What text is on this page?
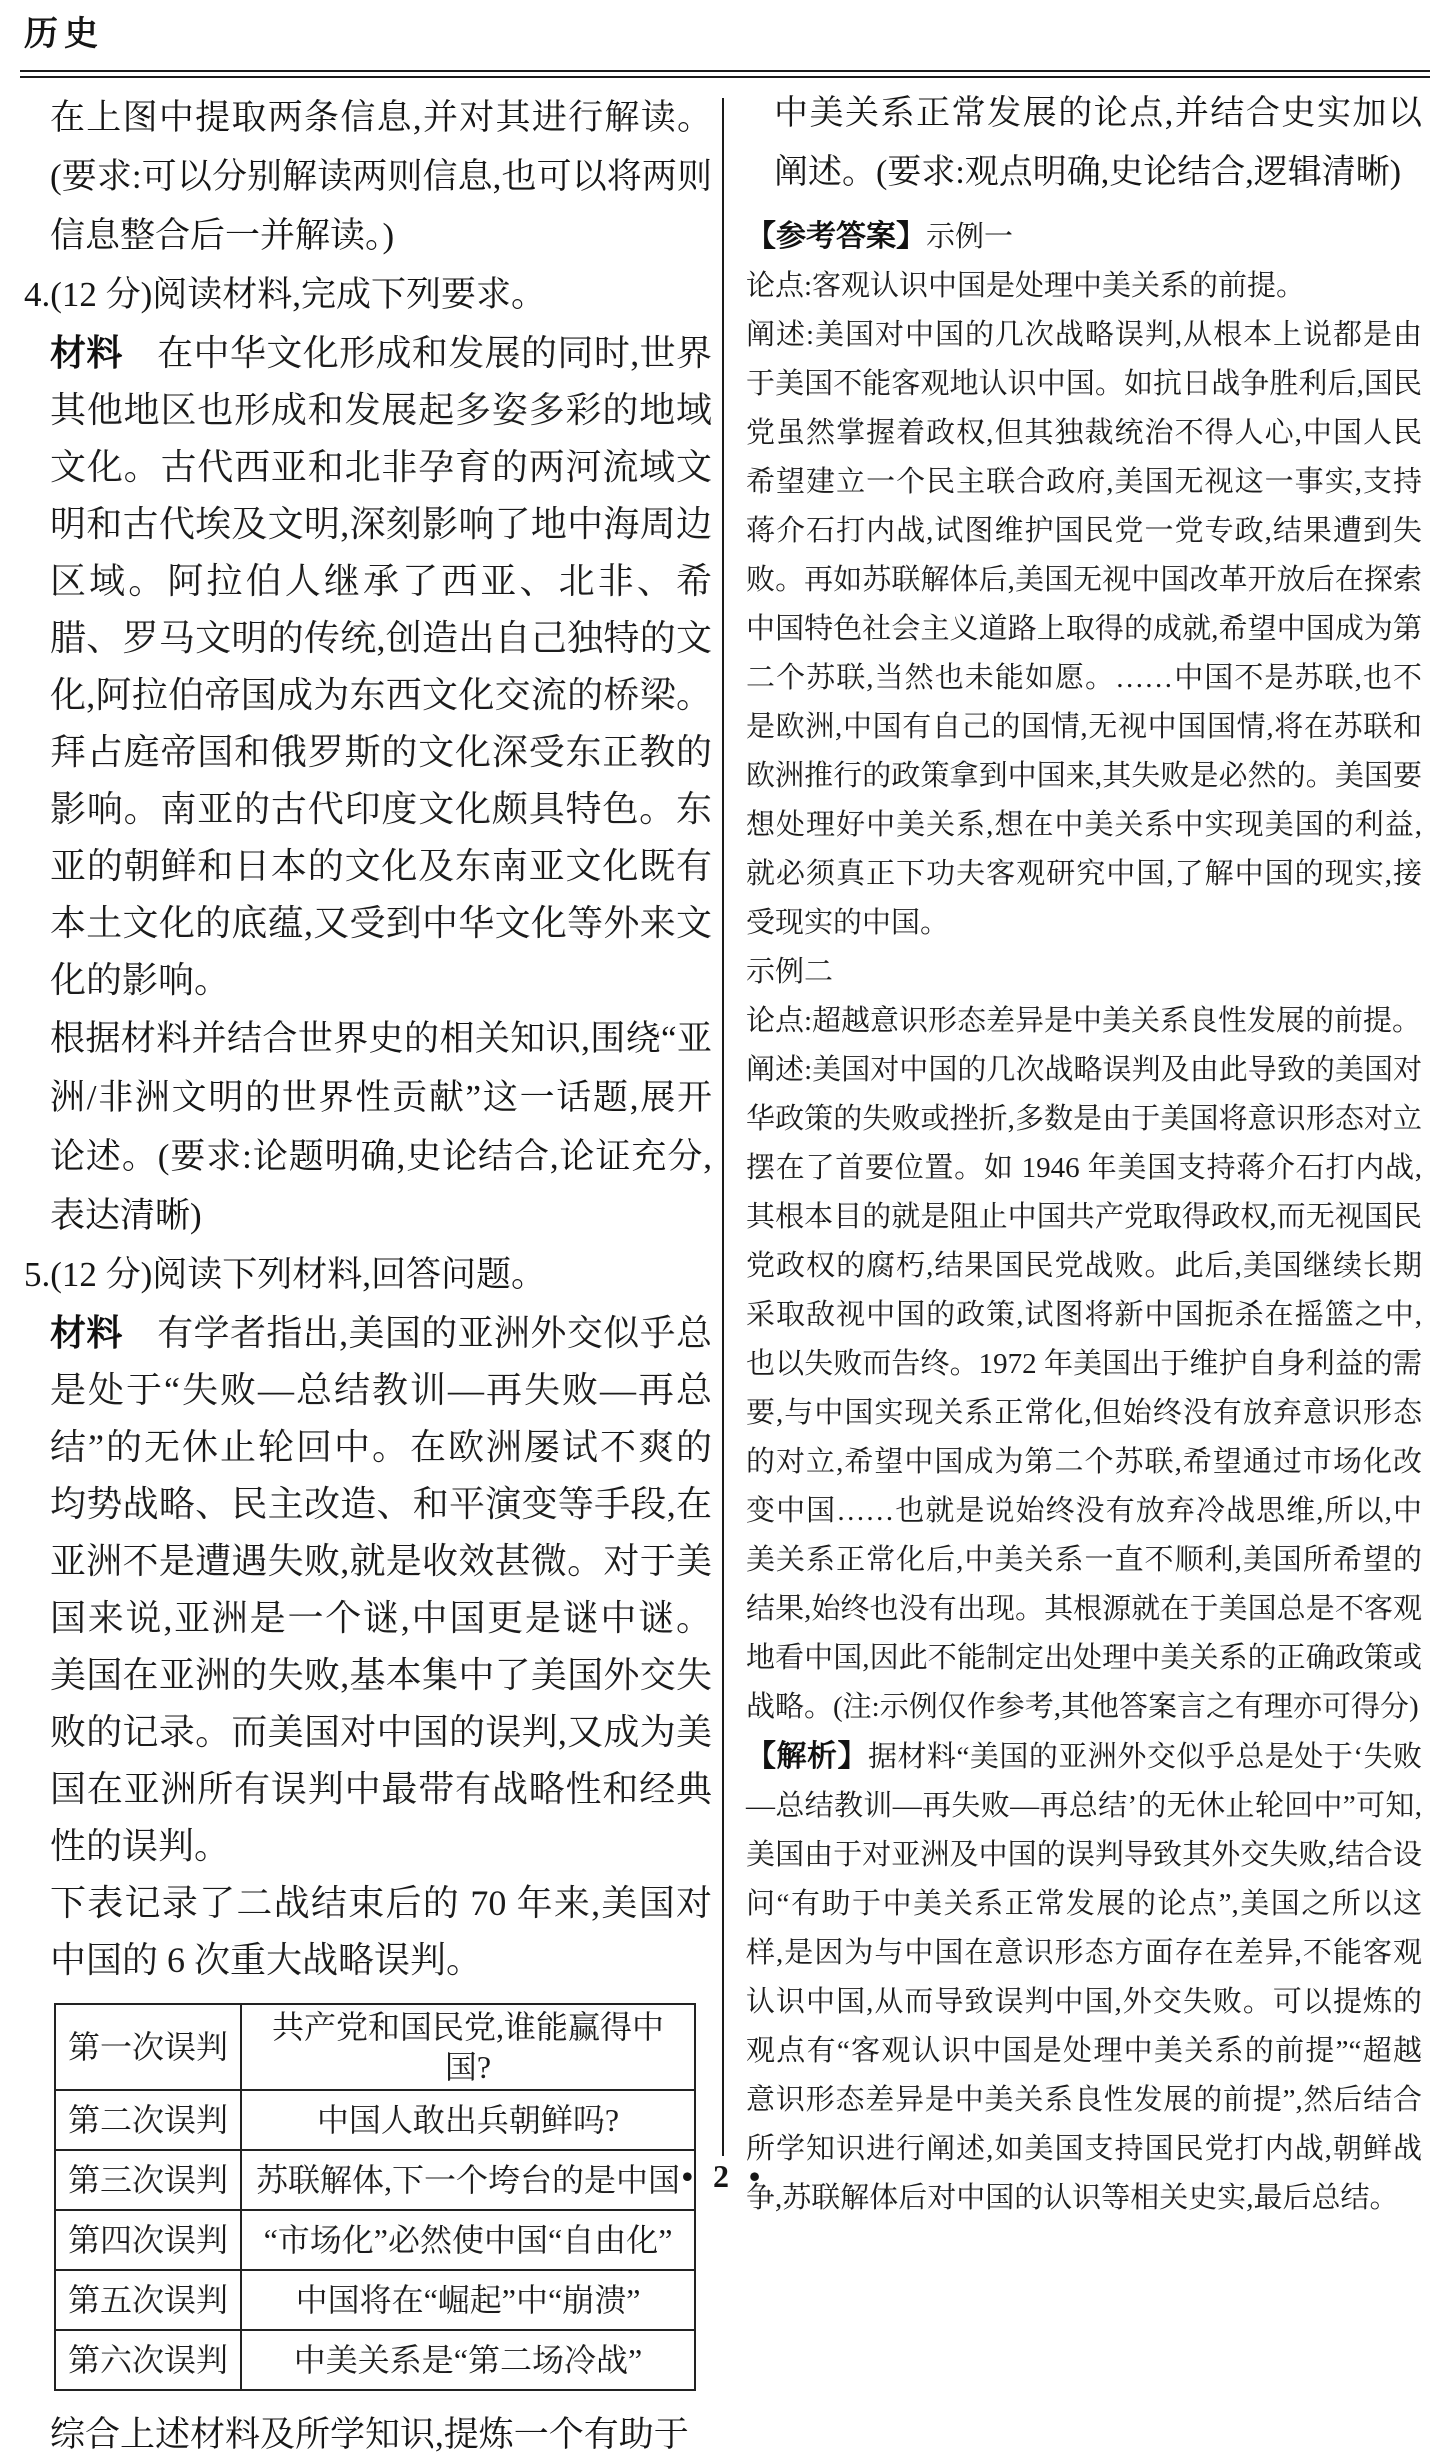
历史

在上图中提取两条信息,并对其进行解读。(要求:可以分别解读两则信息,也可以将两则信息整合后一并解读。)

4.(12 分)阅读材料,完成下列要求。

材料 在中华文化形成和发展的同时,世界其他地区也形成和发展起多姿多彩的地域文化。古代西亚和北非孕育的两河流域文明和古代埃及文明,深刻影响了地中海周边区域。阿拉伯人继承了西亚、北非、希腊、罗马文明的传统,创造出自己独特的文化,阿拉伯帝国成为东西文化交流的桥梁。拜占庭帝国和俄罗斯的文化深受东正教的影响。南亚的古代印度文化颇具特色。东亚的朝鲜和日本的文化及东南亚文化既有本土文化的底蕴,又受到中华文化等外来文化的影响。

根据材料并结合世界史的相关知识,围绕“亚洲/非洲文明的世界性贡献”这一话题,展开论述。(要求:论题明确,史论结合,论证充分,表达清晰)

5.(12 分)阅读下列材料,回答问题。

材料 有学者指出,美国的亚洲外交似乎总是处于“失败—总结教训—再失败—再总结”的无休止轮回中。在欧洲屡试不爽的均势战略、民主改造、和平演变等手段,在亚洲不是遭遇失败,就是收效甚微。对于美国来说,亚洲是一个谜,中国更是谜中谜。美国在亚洲的失败,基本集中了美国外交失败的记录。而美国对中国的误判,又成为美国在亚洲所有误判中最带有战略性和经典性的误判。

下表记录了二战结束后的 70 年来,美国对中国的 6 次重大战略误判。

第一次误判	共产党和国民党,谁能赢得中国?
第二次误判	中国人敢出兵朝鲜吗?
第三次误判	苏联解体,下一个垮台的是中国
第四次误判	“市场化”必然使中国“自由化”
第五次误判	中国将在“崛起”中“崩溃”
第六次误判	中美关系是“第二场冷战”

综合上述材料及所学知识,提炼一个有助于

中美关系正常发展的论点,并结合史实加以阐述。(要求:观点明确,史论结合,逻辑清晰)

【参考答案】示例一

论点:客观认识中国是处理中美关系的前提。

阐述:美国对中国的几次战略误判,从根本上说都是由于美国不能客观地认识中国。如抗日战争胜利后,国民党虽然掌握着政权,但其独裁统治不得人心,中国人民希望建立一个民主联合政府,美国无视这一事实,支持蒋介石打内战,试图维护国民党一党专政,结果遭到失败。再如苏联解体后,美国无视中国改革开放后在探索中国特色社会主义道路上取得的成就,希望中国成为第二个苏联,当然也未能如愿。……中国不是苏联,也不是欧洲,中国有自己的国情,无视中国国情,将在苏联和欧洲推行的政策拿到中国来,其失败是必然的。美国要想处理好中美关系,想在中美关系中实现美国的利益,就必须真正下功夫客观研究中国,了解中国的现实,接受现实的中国。

示例二

论点:超越意识形态差异是中美关系良性发展的前提。

阐述:美国对中国的几次战略误判及由此导致的美国对华政策的失败或挫折,多数是由于美国将意识形态对立摆在了首要位置。如 1946 年美国支持蒋介石打内战,其根本目的就是阻止中国共产党取得政权,而无视国民党政权的腐朽,结果国民党战败。此后,美国继续长期采取敌视中国的政策,试图将新中国扼杀在摇篮之中,也以失败而告终。1972 年美国出于维护自身利益的需要,与中国实现关系正常化,但始终没有放弃意识形态的对立,希望中国成为第二个苏联,希望通过市场化改变中国……也就是说始终没有放弃冷战思维,所以,中美关系正常化后,中美关系一直不顺利,美国所希望的结果,始终也没有出现。其根源就在于美国总是不客观地看中国,因此不能制定出处理中美关系的正确政策或战略。(注:示例仅作参考,其他答案言之有理亦可得分)

【解析】据材料“美国的亚洲外交似乎总是处于‘失败—总结教训—再失败—再总结’的无休止轮回中”可知,美国由于对亚洲及中国的误判导致其外交失败,结合设问“有助于中美关系正常发展的论点”,美国之所以这样,是因为与中国在意识形态方面存在差异,不能客观认识中国,从而导致误判中国,外交失败。可以提炼的观点有“客观认识中国是处理中美关系的前提”“超越意识形态差异是中美关系良性发展的前提”,然后结合所学知识进行阐述,如美国支持国民党打内战,朝鲜战争,苏联解体后对中国的认识等相关史实,最后总结。

• 2 •
